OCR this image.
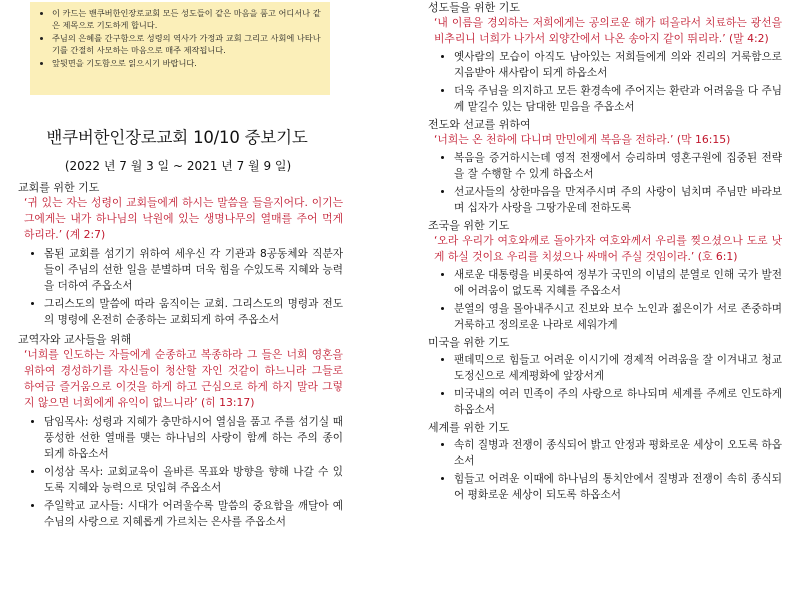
• 이 카드는 밴쿠버한인장로교회 모든 성도들이 같은 마음을 품고 어디서나 같은 제목으로 기도하게 합니다.
• 주님의 은혜를 간구함으로 성령의 역사가 가정과 교회 그리고 사회에 나타나기를 간절히 사모하는 마음으로 매주 제작됩니다.
• 앞뒷면을 기도함으로 읽으시기 바랍니다.
밴쿠버한인장로교회 10/10 중보기도
(2022 년 7 월 3 일 ~ 2021 년 7 월 9 일)
교회를 위한 기도

‘귀 있는 자는 성령이 교회들에게 하시는 말씀을 들을지어다. 이기는 그에게는 내가 하나님의 낙원에 있는 생명나무의 열매를 주어 먹게 하리라.’ (계 2:7)

• 몸된 교회를 섬기기 위하여 세우신 각 기관과 8공동체와 직분자들이 주님의 선한 일을 분별하며 더욱 힘을 수있도록 지혜와 능력을 더하여 주옵소서
• 그리스도의 말씀에 따라 움직이는 교회. 그리스도의 명령과 전도의 명령에 온전히 순종하는 교회되게 하여 주옵소서
교역자와 교사들을 위해

‘너희를 인도하는 자들에게 순종하고 복종하라 그 들은 너희 영혼을 위하여 경성하기를 자신들이 청산할 자인 것같이 하느니라 그들로 하여금 즐거움으로 이것을 하게 하고 근심으로 하게 하지 말라 그렇지 않으면 너희에게 유익이 없느니라’ (히 13:17)

• 담임목사: 성령과 지혜가 충만하시어 열심을 품고 주를 섬기실 때 풍성한 선한 열매를 맺는 하나님의 사랑이 함께 하는 주의 종이 되게 하옵소서
• 이성삼 목사: 교회교육이 올바른 목표와 방향을 향해 나갈 수 있도록 지혜와 능력으로 덧입혀 주옵소서
• 주일학교 교사들: 시대가 어려울수록 말씀의 중요함을 깨달아 예수님의 사랑으로 지혜롭게 가르치는 은사를 주옵소서
성도들을 위한 기도

‘내 이름을 경외하는 저희에게는 공의로운 해가 떠올라서 치료하는 광선을 비추리니 너희가 나가서 외양간에서 나온 송아지 같이 뛰리라.’ (말 4:2)

• 옛사람의 모습이 아직도 남아있는 저희들에게 의와 진리의 거룩함으로 지음받아 새사람이 되게 하옵소서
• 더욱 주님을 의지하고 모든 환경속에 주어지는 환란과 어려움을 다 주님께 맡길수 있는 담대한 믿음을 주옵소서
전도와 선교를 위하여

‘너희는 온 천하에 다니며 만민에게 복음을 전하라.’ (막 16:15)

• 복음을 증거하시는데 영적 전쟁에서 승리하며 영혼구원에 집중된 전략을 잘 수행할 수 있게 하옵소서
• 선교사들의 상한마음을 만져주시며 주의 사랑이 넘치며 주님만 바라보며 십자가 사랑을 그땅가운데 전하도록
조국을 위한 기도

‘오라 우리가 여호와께로 돌아가자 여호와께서 우리를 찢으셨으나 도로 낫게 하실 것이요 우리를 치셨으나 싸매어 주실 것임이라.’ (호 6:1)

• 새로운 대통령을 비롯하여 정부가 국민의 이념의 분열로 인해 국가 발전에 어려움이 없도록 지혜를 주옵소서
• 분열의 영을 몰아내주시고 진보와 보수 노인과 젊은이가 서로 존중하며 거룩하고 정의로운 나라로 세워가게
미국을 위한 기도
• 팬데믹으로 힘들고 어려운 이시기에 경제적 어려움을 잘 이겨내고 청교도정신으로 세계평화에 앞장서게
• 미국내의 여러 민족이 주의 사랑으로 하나되며 세계를 주께로 인도하게 하옵소서
세계를 위한 기도
• 속히 질병과 전쟁이 종식되어 밝고 안정과 평화로운 세상이 오도록 하옵소서
• 힘들고 어려운 이때에 하나님의 통치안에서 질병과 전쟁이 속히 종식되어 평화로운 세상이 되도록 하옵소서
